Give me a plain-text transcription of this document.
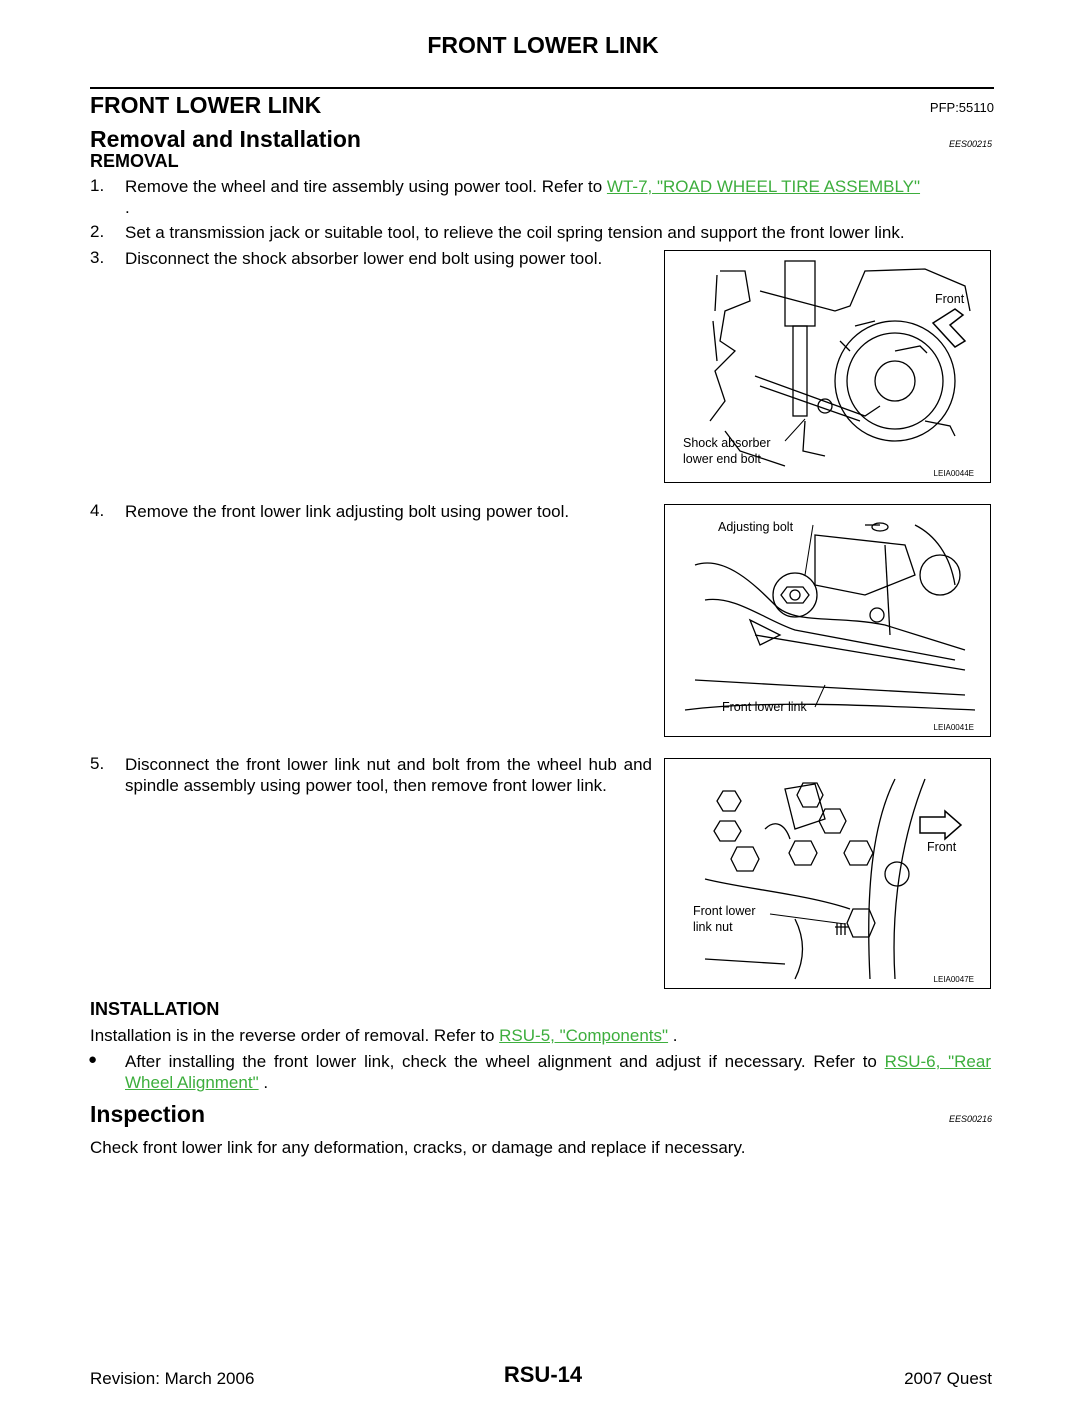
FRONT LOWER LINK
FRONT LOWER LINK	PFP:55110
Removal and Installation	EES00215
REMOVAL
1. Remove the wheel and tire assembly using power tool. Refer to WT-7, "ROAD WHEEL TIRE ASSEMBLY"
.
2. Set a transmission jack or suitable tool, to relieve the coil spring tension and support the front lower link.
3. Disconnect the shock absorber lower end bolt using power tool.
Front
Shock absorber
lower end bolt
LEIA0044E
4. Remove the front lower link adjusting bolt using power tool.
Adjusting bolt
Front lower link
LEIA0041E
5. Disconnect the front lower link nut and bolt from the wheel hub and spindle assembly using power tool, then remove front lower link.
Front
Front lower
link nut
LEIA0047E
INSTALLATION
Installation is in the reverse order of removal. Refer to RSU-5, "Components" .
● After installing the front lower link, check the wheel alignment and adjust if necessary. Refer to RSU-6, "Rear Wheel Alignment" .
Inspection	EES00216
Check front lower link for any deformation, cracks, or damage and replace if necessary.
Revision: March 2006	RSU-14	2007 Quest
